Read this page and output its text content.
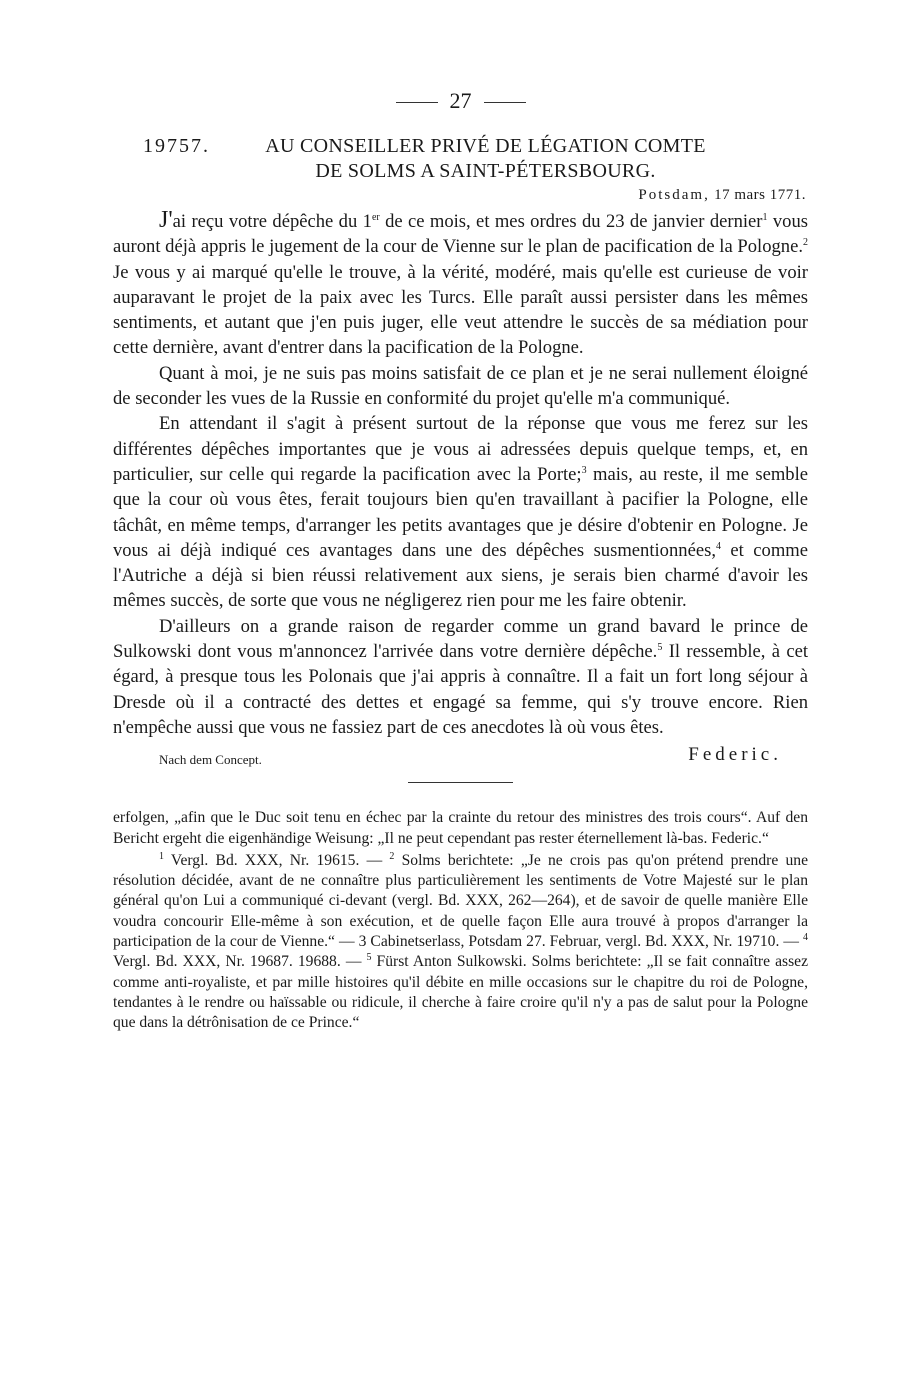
27
19757.	AU CONSEILLER PRIVÉ DE LÉGATION COMTE
DE SOLMS A SAINT-PÉTERSBOURG.
Potsdam, 17 mars 1771.

J'ai reçu votre dépêche du 1er de ce mois, et mes ordres du 23 de janvier dernier$^1$ vous auront déjà appris le jugement de la cour de Vienne sur le plan de pacification de la Pologne.$^2$ Je vous y ai marqué qu'elle le trouve, à la vérité, modéré, mais qu'elle est curieuse de voir auparavant le projet de la paix avec les Turcs. Elle paraît aussi persister dans les mêmes sentiments, et autant que j'en puis juger, elle veut attendre le succès de sa médiation pour cette dernière, avant d'entrer dans la pacification de la Pologne.

Quant à moi, je ne suis pas moins satisfait de ce plan et je ne serai nullement éloigné de seconder les vues de la Russie en conformité du projet qu'elle m'a communiqué.

En attendant il s'agit à présent surtout de la réponse que vous me ferez sur les différentes dépêches importantes que je vous ai adressées depuis quelque temps, et, en particulier, sur celle qui regarde la pacification avec la Porte;$^3$ mais, au reste, il me semble que la cour où vous êtes, ferait toujours bien qu'en travaillant à pacifier la Pologne, elle tâchât, en même temps, d'arranger les petits avantages que je désire d'obtenir en Pologne. Je vous ai déjà indiqué ces avantages dans une des dépêches susmentionnées,$^4$ et comme l'Autriche a déjà si bien réussi relativement aux siens, je serais bien charmé d'avoir les mêmes succès, de sorte que vous ne négligerez rien pour me les faire obtenir.

D'ailleurs on a grande raison de regarder comme un grand bavard le prince de Sulkowski dont vous m'annoncez l'arrivée dans votre dernière dépêche.$^5$ Il ressemble, à cet égard, à presque tous les Polonais que j'ai appris à connaître. Il a fait un fort long séjour à Dresde où il a contracté des dettes et engagé sa femme, qui s'y trouve encore. Rien n'empêche aussi que vous ne fassiez part de ces anecdotes là où vous êtes.

Nach dem Concept.	Federic.

erfolgen, „afin que le Duc soit tenu en échec par la crainte du retour des ministres des trois cours“. Auf den Bericht ergeht die eigenhändige Weisung: „Il ne peut cependant pas rester éternellement là-bas. Federic.“

$^1$ Vergl. Bd. XXX, Nr. 19615. — $^2$ Solms berichtete: „Je ne crois pas qu'on prétend prendre une résolution décidée, avant de ne connaître plus particulièrement les sentiments de Votre Majesté sur le plan général qu'on Lui a communiqué ci-devant (vergl. Bd. XXX, 262—264), et de savoir de quelle manière Elle voudra concourir Elle-même à son exécution, et de quelle façon Elle aura trouvé à propos d'arranger la participation de la cour de Vienne.“ — 3 Cabinetserlass, Potsdam 27. Februar, vergl. Bd. XXX, Nr. 19710. — $^4$ Vergl. Bd. XXX, Nr. 19687. 19688. — $^5$ Fürst Anton Sulkowski. Solms berichtete: „Il se fait connaître assez comme anti-royaliste, et par mille histoires qu'il débite en mille occasions sur le chapitre du roi de Pologne, tendantes à le rendre ou haïssable ou ridicule, il cherche à faire croire qu'il n'y a pas de salut pour la Pologne que dans la détrônisation de ce Prince.“
